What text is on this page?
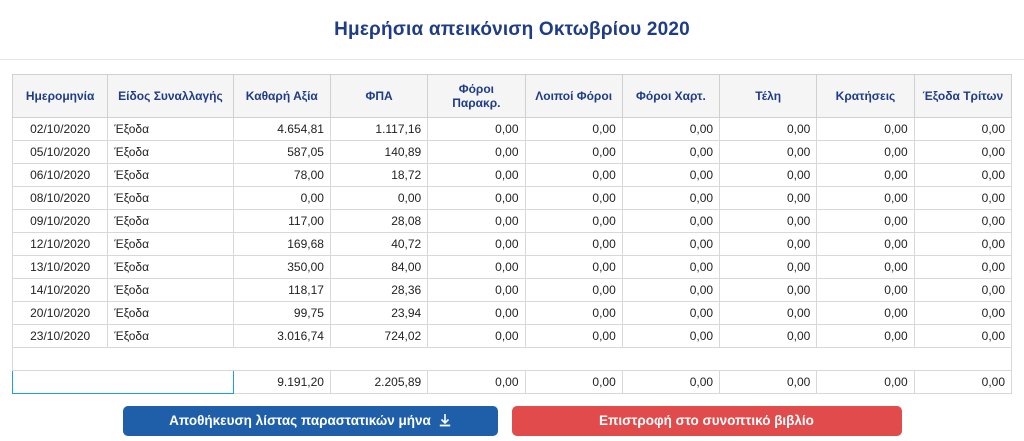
Ημερήσια απεικόνιση Οκτωβρίου 2020
Ημερομηνία	Είδος Συναλλαγής	Καθαρή Αξία	ΦΠΑ	Φόροι Παρακρ.	Λοιποί Φόροι	Φόροι Χαρτ.	Τέλη	Κρατήσεις	Έξοδα Τρίτων
02/10/2020	Έξοδα	4.654,81	1.117,16	0,00	0,00	0,00	0,00	0,00	0,00
05/10/2020	Έξοδα	587,05	140,89	0,00	0,00	0,00	0,00	0,00	0,00
06/10/2020	Έξοδα	78,00	18,72	0,00	0,00	0,00	0,00	0,00	0,00
08/10/2020	Έξοδα	0,00	0,00	0,00	0,00	0,00	0,00	0,00	0,00
09/10/2020	Έξοδα	117,00	28,08	0,00	0,00	0,00	0,00	0,00	0,00
12/10/2020	Έξοδα	169,68	40,72	0,00	0,00	0,00	0,00	0,00	0,00
13/10/2020	Έξοδα	350,00	84,00	0,00	0,00	0,00	0,00	0,00	0,00
14/10/2020	Έξοδα	118,17	28,36	0,00	0,00	0,00	0,00	0,00	0,00
20/10/2020	Έξοδα	99,75	23,94	0,00	0,00	0,00	0,00	0,00	0,00
23/10/2020	Έξοδα	3.016,74	724,02	0,00	0,00	0,00	0,00	0,00	0,00

Σύνολα		9.191,20	2.205,89	0,00	0,00	0,00	0,00	0,00	0,00
Αποθήκευση λίστας παραστατικών μήνα	Επιστροφή στο συνοπτικό βιβλίο
